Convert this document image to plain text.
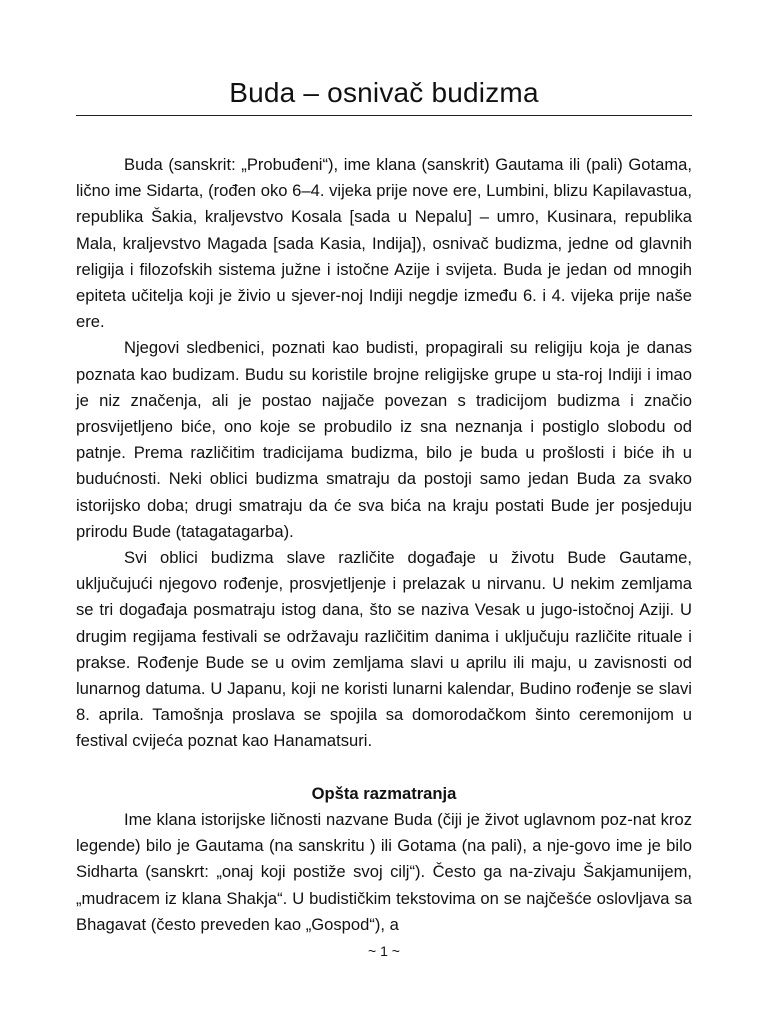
Buda – osnivač budizma

Buda (sanskrit: „Probuđeni“), ime klana (sanskrit) Gautama ili (pali) Gotama, lično ime Sidarta, (rođen oko 6–4. vijeka prije nove ere, Lumbini, blizu Kapilavastua, republika Šakia, kraljevstvo Kosala [sada u Nepalu] – umro, Kusinara, republika Mala, kraljevstvo Magada [sada Kasia, Indija]), osnivač budizma, jedne od glavnih religija i filozofskih sistema južne i istočne Azije i svijeta. Buda je jedan od mnogih epiteta učitelja koji je živio u sjever-noj Indiji negdje između 6. i 4. vijeka prije naše ere.

Njegovi sledbenici, poznati kao budisti, propagirali su religiju koja je danas poznata kao budizam. Budu su koristile brojne religijske grupe u sta-roj Indiji i imao je niz značenja, ali je postao najjače povezan s tradicijom budizma i značio prosvijetljeno biće, ono koje se probudilo iz sna neznanja i postiglo slobodu od patnje. Prema različitim tradicijama budizma, bilo je buda u prošlosti i biće ih u budućnosti. Neki oblici budizma smatraju da postoji samo jedan Buda za svako istorijsko doba; drugi smatraju da će sva bića na kraju postati Bude jer posjeduju prirodu Bude (tatagatagarba).

Svi oblici budizma slave različite događaje u životu Bude Gautame, uključujući njegovo rođenje, prosvjetljenje i prelazak u nirvanu. U nekim zemljama se tri događaja posmatraju istog dana, što se naziva Vesak u jugo-istočnoj Aziji. U drugim regijama festivali se održavaju različitim danima i uključuju različite rituale i prakse. Rođenje Bude se u ovim zemljama slavi u aprilu ili maju, u zavisnosti od lunarnog datuma. U Japanu, koji ne koristi lunarni kalendar, Budino rođenje se slavi 8. aprila. Tamošnja proslava se spojila sa domorodačkom šinto ceremonijom u festival cvijeća poznat kao Hanamatsuri.

Opšta razmatranja

Ime klana istorijske ličnosti nazvane Buda (čiji je život uglavnom poz-nat kroz legende) bilo je Gautama (na sanskritu ) ili Gotama (na pali), a nje-govo ime je bilo Sidharta (sanskrt: „onaj koji postiže svoj cilj“). Često ga na-zivaju Šakjamunijem, „mudracem iz klana Shakja“. U budističkim tekstovima on se najčešće oslovljava sa Bhagavat (često preveden kao „Gospod“), a

~ 1 ~
